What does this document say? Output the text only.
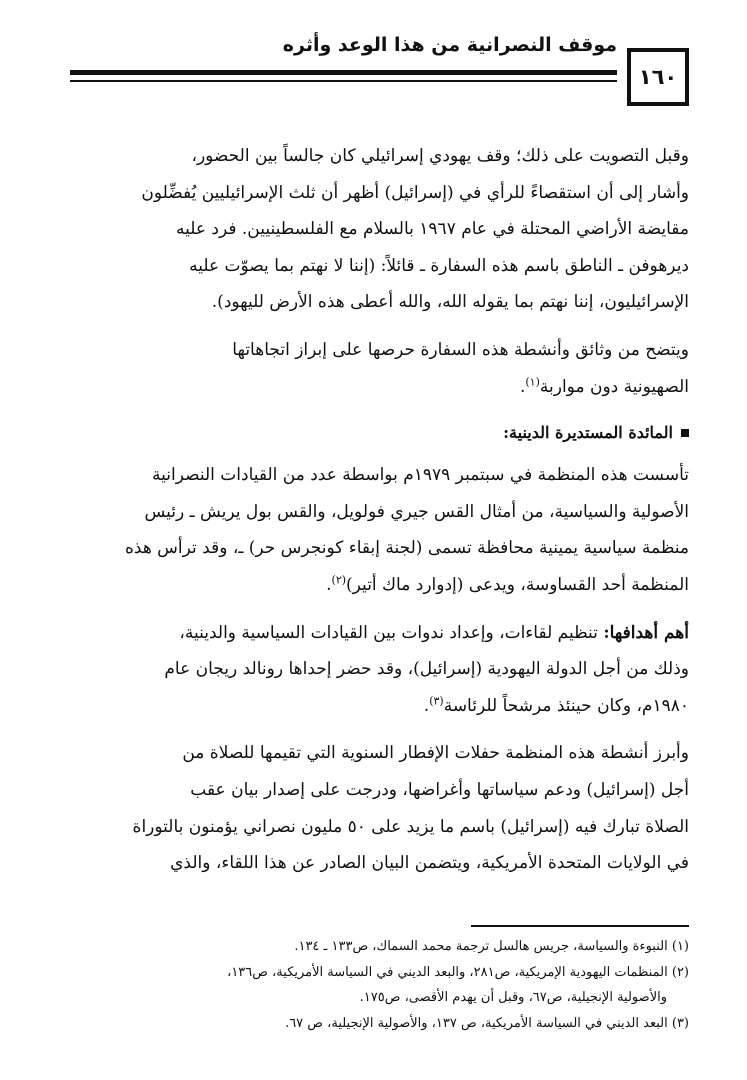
موقف النصرانية من هذا الوعد وأثره
١٦٠

وقبل التصويت على ذلك؛ وقف يهودي إسرائيلي كان جالساً بين الحضور،

وأشار إلى أن استقصاءً للرأي في (إسرائيل) أظهر أن ثلث الإسرائيليين يُفضِّلون

مقايضة الأراضي المحتلة في عام ١٩٦٧ بالسلام مع الفلسطينيين. فرد عليه

ديرهوفن ـ الناطق باسم هذه السفارة ـ قائلاً: (إننا لا نهتم بما يصوّت عليه

الإسرائيليون، إننا نهتم بما يقوله الله، والله أعطى هذه الأرض لليهود).

ويتضح من وثائق وأنشطة هذه السفارة حرصها على إبراز اتجاهاتها

الصهيونية دون مواربة$^{(١)}$.

المائدة المستديرة الدينية:

تأسست هذه المنظمة في سبتمبر ١٩٧٩م بواسطة عدد من القيادات النصرانية

الأصولية والسياسية، من أمثال القس جيري فولويل، والقس بول يريش ـ رئيس

منظمة سياسية يمينية محافظة تسمى (لجنة إبقاء كونجرس حر) ـ، وقد ترأس هذه

المنظمة أحد القساوسة، ويدعى (إدوارد ماك أتير)$^{(٢)}$.

أهم أهدافها: تنظيم لقاءات، وإعداد ندوات بين القيادات السياسية والدينية،

وذلك من أجل الدولة اليهودية (إسرائيل)، وقد حضر إحداها رونالد ريجان عام

١٩٨٠م، وكان حينئذ مرشحاً للرئاسة$^{(٣)}$.

وأبرز أنشطة هذه المنظمة حفلات الإفطار السنوية التي تقيمها للصلاة من

أجل (إسرائيل) ودعم سياساتها وأغراضها، ودرجت على إصدار بيان عقب

الصلاة تبارك فيه (إسرائيل) باسم ما يزيد على ٥٠ مليون نصراني يؤمنون بالتوراة

في الولايات المتحدة الأمريكية، ويتضمن البيان الصادر عن هذا اللقاء، والذي

(١) النبوءة والسياسة، جريس هالسل ترجمة محمد السماك، ص١٣٣ ـ ١٣٤.

(٢) المنظمات اليهودية الإمريكية، ص٢٨١، والبعد الديني في السياسة الأمريكية، ص١٣٦،

والأصولية الإنجيلية، ص٦٧، وقبل أن يهدم الأقصى، ص١٧٥.

(٣) البعد الديني في السياسة الأمريكية، ص ١٣٧، والأصولية الإنجيلية، ص ٦٧.
